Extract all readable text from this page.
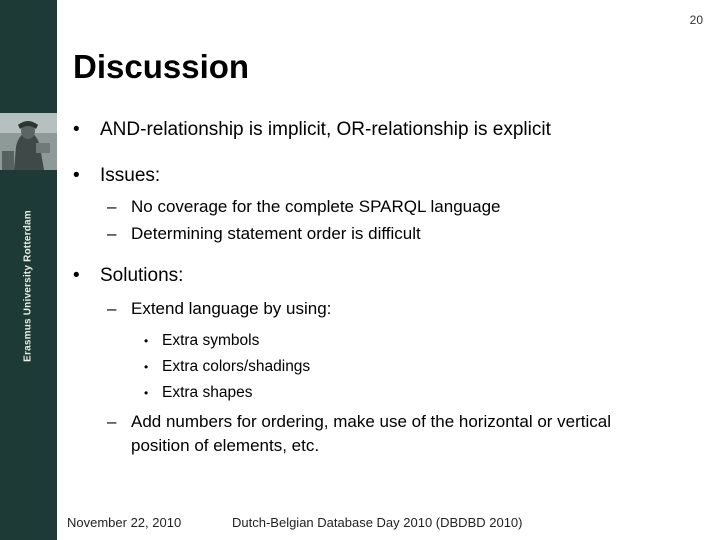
Erasmus University Rotterdam
20
Discussion
• AND-relationship is implicit, OR-relationship is explicit
• Issues:
– No coverage for the complete SPARQL language
– Determining statement order is difficult
• Solutions:
– Extend language by using:
• Extra symbols
• Extra colors/shadings
• Extra shapes
– Add numbers for ordering, make use of the horizontal or vertical position of elements, etc.
November 22, 2010	Dutch-Belgian Database Day 2010 (DBDBD 2010)
